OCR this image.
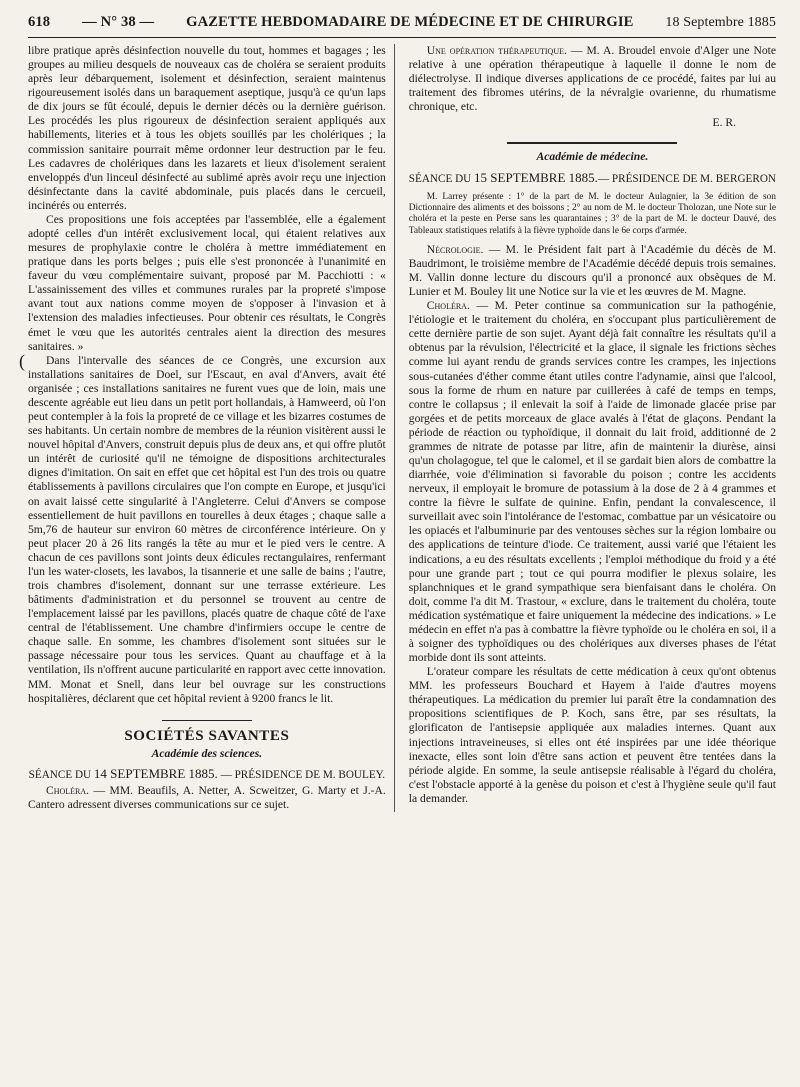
618 — N° 38 — GAZETTE HEBDOMADAIRE DE MÉDECINE ET DE CHIRURGIE 18 Septembre 1885

libre pratique après désinfection nouvelle du tout, hommes et bagages ; les groupes au milieu desquels de nouveaux cas de choléra se seraient produits après leur débarquement, isolement et désinfection, seraient maintenus rigoureusement isolés dans un baraquement aseptique, jusqu'à ce qu'un laps de dix jours se fût écoulé, depuis le dernier décès ou la dernière guérison. Les procédés les plus rigoureux de désinfection seraient appliqués aux habillements, literies et à tous les objets souillés par les cholériques ; la commission sanitaire pourrait même ordonner leur destruction par le feu. Les cadavres de cholériques dans les lazarets et lieux d'isolement seraient enveloppés d'un linceul désinfecté au sublimé après avoir reçu une injection désinfectante dans la cavité abdominale, puis placés dans le cercueil, incinérés ou enterrés.

Ces propositions une fois acceptées par l'assemblée, elle a également adopté celles d'un intérêt exclusivement local, qui étaient relatives aux mesures de prophylaxie contre le choléra à mettre immédiatement en pratique dans les ports belges ; puis elle s'est prononcée à l'unanimité en faveur du vœu complémentaire suivant, proposé par M. Pacchiotti : « L'assainissement des villes et communes rurales par la propreté s'impose avant tout aux nations comme moyen de s'opposer à l'invasion et à l'extension des maladies infectieuses. Pour obtenir ces résultats, le Congrès émet le vœu que les autorités centrales aient la direction des mesures sanitaires. »

(	Dans l'intervalle des séances de ce Congrès, une excursion aux installations sanitaires de Doel, sur l'Escaut, en aval d'Anvers, avait été organisée ; ces installations sanitaires ne furent vues que de loin, mais une descente agréable eut lieu dans un petit port hollandais, à Hamweerd, où l'on peut contempler à la fois la propreté de ce village et les bizarres costumes de ses habitants. Un certain nombre de membres de la réunion visitèrent aussi le nouvel hôpital d'Anvers, construit depuis plus de deux ans, et qui offre plutôt un intérêt de curiosité qu'il ne témoigne de dispositions architecturales dignes d'imitation. On sait en effet que cet hôpital est l'un des trois ou quatre établissements à pavillons circulaires que l'on compte en Europe, et jusqu'ici on avait laissé cette singularité à l'Angleterre. Celui d'Anvers se compose essentiellement de huit pavillons en tourelles à deux étages ; chaque salle a 5m,76 de hauteur sur environ 60 mètres de circonférence intérieure. On y peut placer 20 à 26 lits rangés la tête au mur et le pied vers le centre. A chacun de ces pavillons sont joints deux édicules rectangulaires, renfermant l'un les water-closets, les lavabos, la tisannerie et une salle de bains ; l'autre, trois chambres d'isolement, donnant sur une terrasse extérieure. Les bâtiments d'administration et du personnel se trouvent au centre de l'emplacement laissé par les pavillons, placés quatre de chaque côté de l'axe central de l'établissement. Une chambre d'infirmiers occupe le centre de chaque salle. En somme, les chambres d'isolement sont situées sur le passage nécessaire pour tous les services. Quant au chauffage et à la ventilation, ils n'offrent aucune particularité en rapport avec cette innovation. MM. Monat et Snell, dans leur bel ouvrage sur les constructions hospitalières, déclarent que cet hôpital revient à 9200 francs le lit.

SOCIÉTÉS SAVANTES
Académie des sciences.
SÉANCE DU 14 SEPTEMBRE 1885. — PRÉSIDENCE DE M. BOULEY.

Choléra. — MM. Beaufils, A. Netter, A. Scweitzer, G. Marty et J.-A. Cantero adressent diverses communications sur ce sujet.

Une opération thérapeutique. — M. A. Broudel envoie d'Alger une Note relative à une opération thérapeutique à laquelle il donne le nom de diélectrolyse. Il indique diverses applications de ce procédé, faites par lui au traitement des fibromes utérins, de la névralgie ovarienne, du rhumatisme chronique, etc.

E. R.
Académie de médecine.
SÉANCE DU 15 SEPTEMBRE 1885.— PRÉSIDENCE DE M. BERGERON

M. Larrey présente : 1° de la part de M. le docteur Aulagnier, la 3e édition de son Dictionnaire des aliments et des boissons ; 2° au nom de M. le docteur Tholozan, une Note sur le choléra et la peste en Perse sans les quarantaines ; 3° de la part de M. le docteur Dauvé, des Tableaux statistiques relatifs à la fièvre typhoïde dans le 6e corps d'armée.

Nécrologie. — M. le Président fait part à l'Académie du décès de M. Baudrimont, le troisième membre de l'Académie décédé depuis trois semaines. M. Vallin donne lecture du discours qu'il a prononcé aux obsèques de M. Lunier et M. Bouley lit une Notice sur la vie et les œuvres de M. Magne.

Choléra. — M. Peter continue sa communication sur la pathogénie, l'étiologie et le traitement du choléra, en s'occupant plus particulièrement de cette dernière partie de son sujet. Ayant déjà fait connaître les résultats qu'il a obtenus par la révulsion, l'électricité et la glace, il signale les frictions sèches comme lui ayant rendu de grands services contre les crampes, les injections sous-cutanées d'éther comme étant utiles contre l'adynamie, ainsi que l'alcool, sous la forme de rhum en nature par cuillerées à café de temps en temps, contre le collapsus ; il enlevait la soif à l'aide de limonade glacée prise par gorgées et de petits morceaux de glace avalés à l'état de glaçons. Pendant la période de réaction ou typhoïdique, il donnait du lait froid, additionné de 2 grammes de nitrate de potasse par litre, afin de maintenir la diurèse, ainsi qu'un cholagogue, tel que le calomel, et il se gardait bien alors de combattre la diarrhée, voie d'élimination si favorable du poison ; contre les accidents nerveux, il employait le bromure de potassium à la dose de 2 à 4 grammes et contre la fièvre le sulfate de quinine. Enfin, pendant la convalescence, il surveillait avec soin l'intolérance de l'estomac, combattue par un vésicatoire ou les opiacés et l'albuminurie par des ventouses sèches sur la région lombaire ou des applications de teinture d'iode. Ce traitement, aussi varié que l'étaient les indications, a eu des résultats excellents ; l'emploi méthodique du froid y a été pour une grande part ; tout ce qui pourra modifier le plexus solaire, les splanchniques et le grand sympathique sera bienfaisant dans le choléra. On doit, comme l'a dit M. Trastour, « exclure, dans le traitement du choléra, toute médication systématique et faire uniquement la médecine des indications. » Le médecin en effet n'a pas à combattre la fièvre typhoïde ou le choléra en soi, il a à soigner des typhoïdiques ou des cholériques aux diverses phases de l'état morbide dont ils sont atteints.

L'orateur compare les résultats de cette médication à ceux qu'ont obtenus MM. les professeurs Bouchard et Hayem à l'aide d'autres moyens thérapeutiques. La médication du premier lui paraît être la condamnation des propositions scientifiques de P. Koch, sans être, par ses résultats, la glorificaton de l'antisepsie appliquée aux maladies internes. Quant aux injections intraveineuses, si elles ont été inspirées par une idée théorique inexacte, elles sont loin d'être sans action et peuvent être tentées dans la période algide. En somme, la seule antisepsie réalisable à l'égard du choléra, c'est l'obstacle apporté à la genèse du poison et c'est à l'hygiène seule qu'il faut la demander.
